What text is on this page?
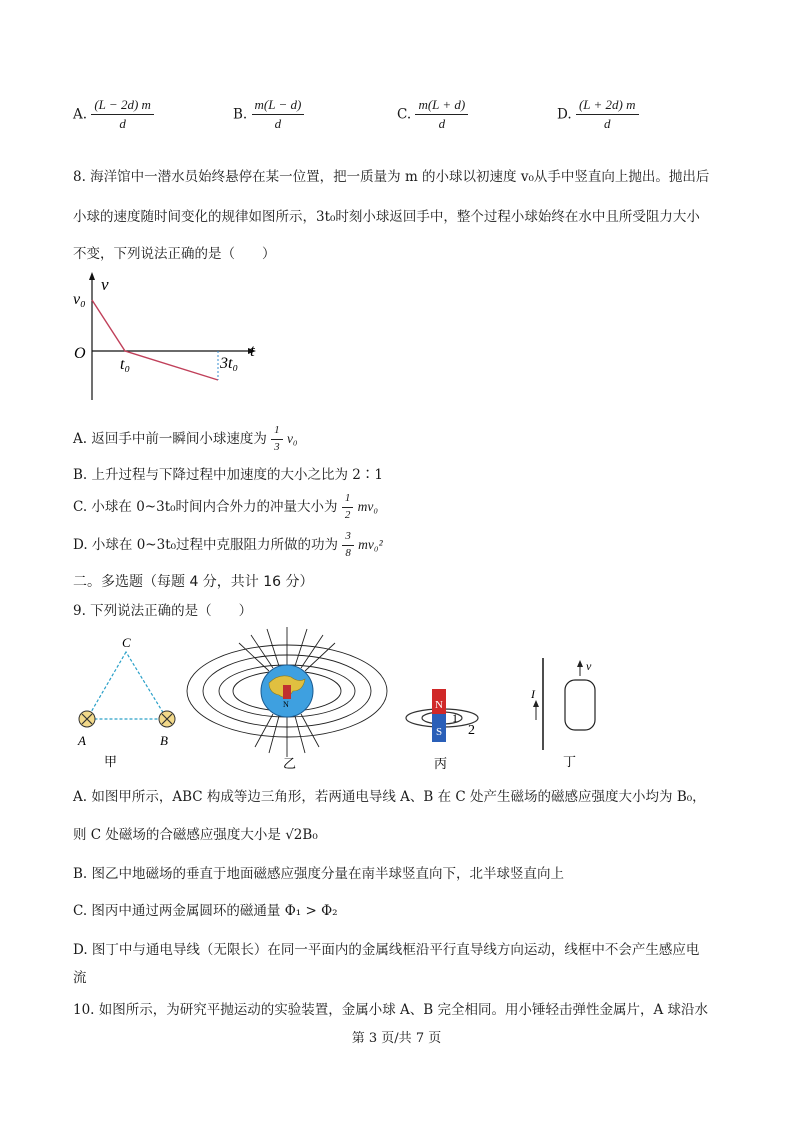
A. $\frac{(L - 2d) m}{d}$	B. $\frac{m(L - d)}{d}$	C. $\frac{m(L + d)}{d}$	D. $\frac{(L + 2d) m}{d}$
8. 海洋馆中一潜水员始终悬停在某一位置，把一质量为 m 的小球以初速度 v₀从手中竖直向上抛出。抛出后
小球的速度随时间变化的规律如图所示，3t₀时刻小球返回手中，整个过程小球始终在水中且所受阻力大小
不变，下列说法正确的是（　　）
v
v₀
O	t
t₀	3t₀
A. 返回手中前一瞬间小球速度为 $\frac{1}{3} v_0$
B. 上升过程与下降过程中加速度的大小之比为 2∶1
C. 小球在 0~3t₀时间内合外力的冲量大小为 $\frac{1}{2} mv_0$
D. 小球在 0~3t₀过程中克服阻力所做的功为 $\frac{3}{8} mv_0^2$
二。多选题（每题 4 分，共计 16 分）
9. 下列说法正确的是（　　）
C
A	B
甲
N
乙
N
S
1
2
丙
I
v
丁
A. 如图甲所示，ABC 构成等边三角形，若两通电导线 A、B 在 C 处产生磁场的磁感应强度大小均为 B₀，
则 C 处磁场的合磁感应强度大小是 √2B₀
B. 图乙中地磁场的垂直于地面磁感应强度分量在南半球竖直向下，北半球竖直向上
C. 图丙中通过两金属圆环的磁通量 Φ₁ > Φ₂
D. 图丁中与通电导线（无限长）在同一平面内的金属线框沿平行直导线方向运动，线框中不会产生感应电
流
10. 如图所示，为研究平抛运动的实验装置，金属小球 A、B 完全相同。用小锤轻击弹性金属片，A 球沿水
第 3 页/共 7 页
